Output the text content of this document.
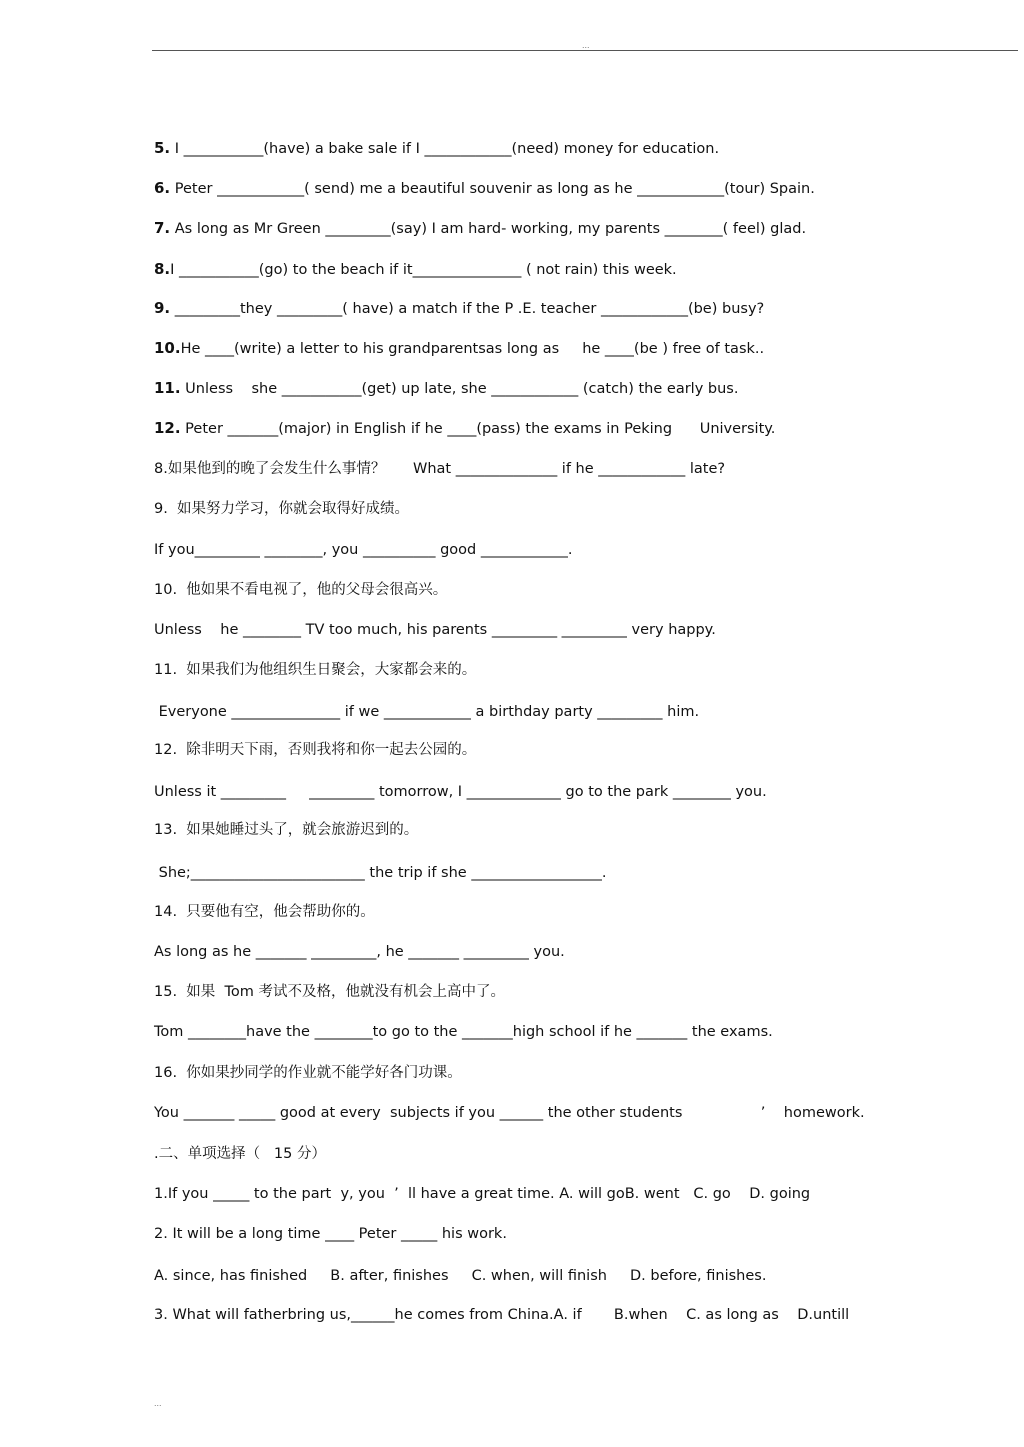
...
5. I ___________(have) a bake sale if I ____________(need) money for education.
6. Peter ____________( send) me a beautiful souvenir as long as he ____________(tour) Spain.
7. As long as Mr Green _________(say) I am hard- working, my parents ________( feel) glad.
8.I ___________(go) to the beach if it_______________ ( not rain) this week.
9. _________they _________( have) a match if the P .E. teacher ____________(be) busy?
10.He ____(write) a letter to his grandparentsas long as     he ____(be ) free of task..
11. Unless    she ___________(get) up late, she ____________ (catch) the early bus.
12. Peter _______(major) in English if he ____(pass) the exams in Peking      University.
8.如果他到的晚了会发生什么事情？      What ______________ if he ____________ late?
9.  如果努力学习，你就会取得好成绩。
If you_________ ________, you __________ good ____________.
10.  他如果不看电视了，他的父母会很高兴。
Unless    he ________ TV too much, his parents _________ _________ very happy.
11.  如果我们为他组织生日聚会，大家都会来的。
Everyone _______________ if we ____________ a birthday party _________ him.
12.  除非明天下雨，否则我将和你一起去公园的。
Unless it _________     _________ tomorrow, I _____________ go to the park ________ you.
13.  如果她睡过头了，就会旅游迟到的。
She;________________________ the trip if she __________________.
14.  只要他有空，他会帮助你的。
As long as he _______ _________, he _______ _________ you.
15.  如果  Tom 考试不及格，他就没有机会上高中了。
Tom ________have the ________to go to the _______high school if he _______ the exams.
16.  你如果抄同学的作业就不能学好各门功课。
You _______ _____ good at every  subjects if you ______ the other students                 ’    homework.
.二、单项选择（   15 分）
1.If you _____ to the part  y, you  ’  ll have a great time. A. will goB. went   C. go    D. going
2. It will be a long time ____ Peter _____ his work.
A. since, has finished     B. after, finishes     C. when, will finish     D. before, finishes.
3. What will fatherbring us,______he comes from China.A. if       B.when    C. as long as    D.untill
...
